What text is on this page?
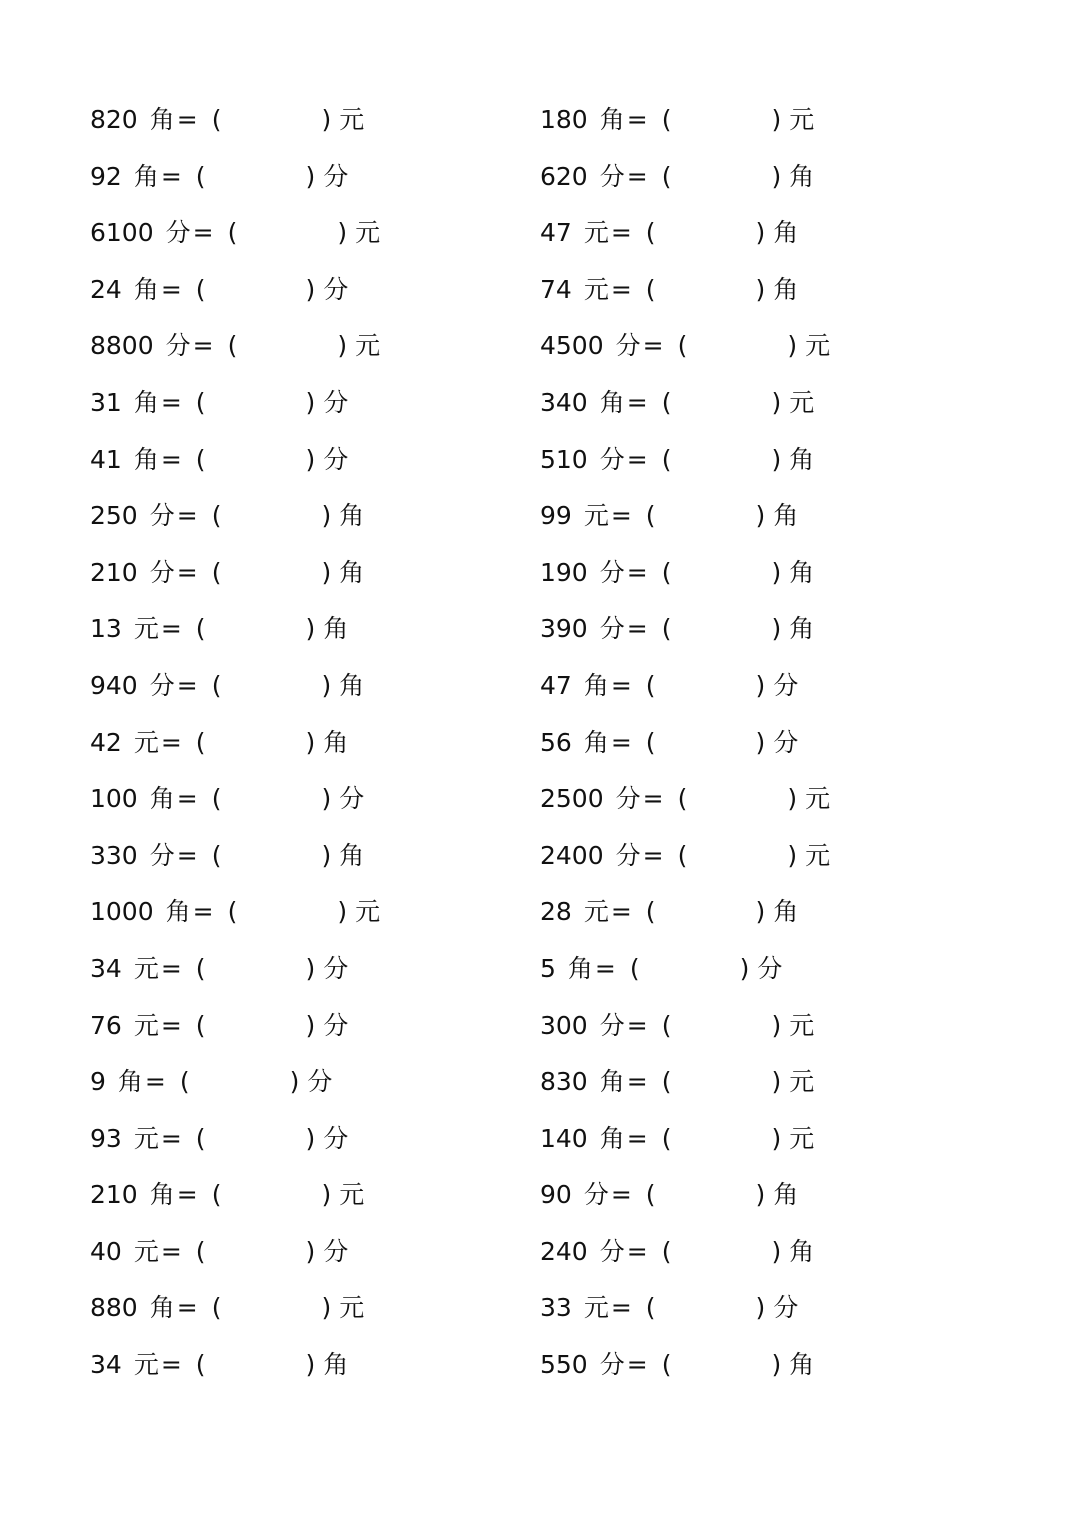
820 角 = (	) 元
92 角 = (	) 分
6100 分 = (	) 元
24 角 = (	) 分
8800 分 = (	) 元
31 角 = (	) 分
41 角 = (	) 分
250 分 = (	) 角
210 分 = (	) 角
13 元 = (	) 角
940 分 = (	) 角
42 元 = (	) 角
100 角 = (	) 分
330 分 = (	) 角
1000 角 = (	) 元
34 元 = (	) 分
76 元 = (	) 分
9 角 = (	) 分
93 元 = (	) 分
210 角 = (	) 元
40 元 = (	) 分
880 角 = (	) 元
34 元 = (	) 角
180 角 = (	) 元
620 分 = (	) 角
47 元 = (	) 角
74 元 = (	) 角
4500 分 = (	) 元
340 角 = (	) 元
510 分 = (	) 角
99 元 = (	) 角
190 分 = (	) 角
390 分 = (	) 角
47 角 = (	) 分
56 角 = (	) 分
2500 分 = (	) 元
2400 分 = (	) 元
28 元 = (	) 角
5 角 = (	) 分
300 分 = (	) 元
830 角 = (	) 元
140 角 = (	) 元
90 分 = (	) 角
240 分 = (	) 角
33 元 = (	) 分
550 分 = (	) 角
